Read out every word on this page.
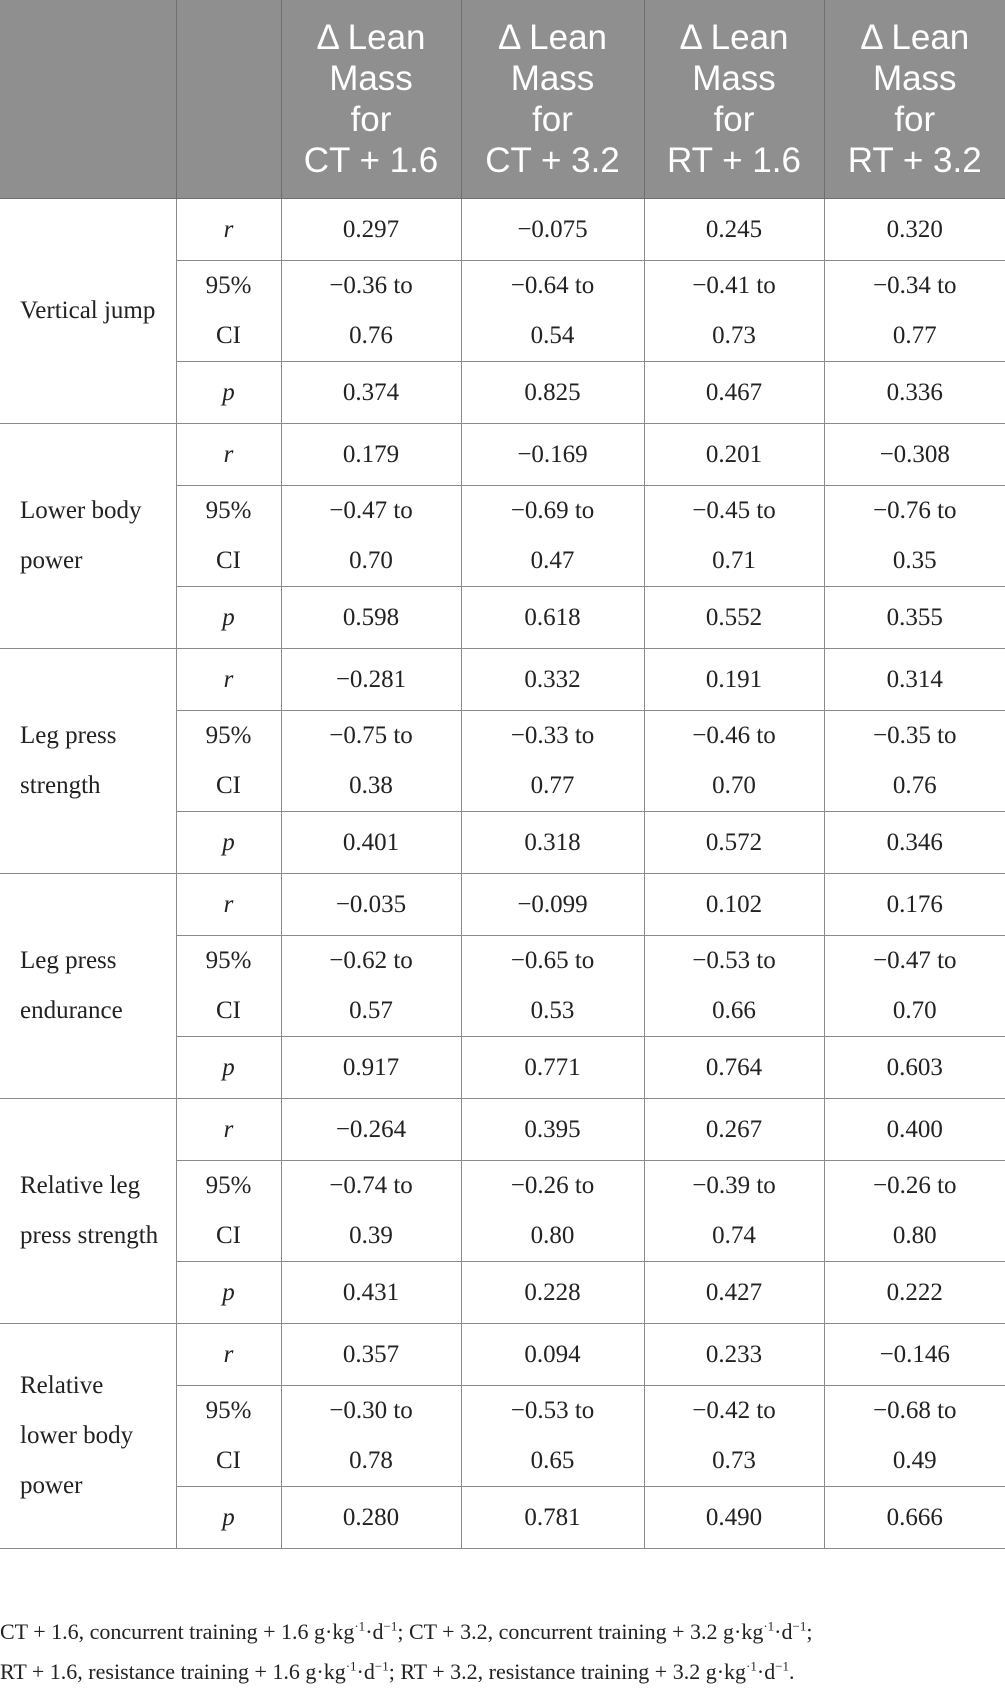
		Δ Lean
Mass
for
CT + 1.6	Δ Lean
Mass
for
CT + 3.2	Δ Lean
Mass
for
RT + 1.6	Δ Lean
Mass
for
RT + 3.2

Vertical jump	r	0.297	−0.075	0.245	0.320

	95%
CI	−0.36 to
0.76	−0.64 to
0.54	−0.41 to
0.73	−0.34 to
0.77

	p	0.374	0.825	0.467	0.336
Lower body power	r	0.179	−0.169	0.201	−0.308

	95%
CI	−0.47 to
0.70	−0.69 to
0.47	−0.45 to
0.71	−0.76 to
0.35

	p	0.598	0.618	0.552	0.355
Leg press strength	r	−0.281	0.332	0.191	0.314

	95%
CI	−0.75 to
0.38	−0.33 to
0.77	−0.46 to
0.70	−0.35 to
0.76

	p	0.401	0.318	0.572	0.346
Leg press endurance	r	−0.035	−0.099	0.102	0.176

	95%
CI	−0.62 to
0.57	−0.65 to
0.53	−0.53 to
0.66	−0.47 to
0.70

	p	0.917	0.771	0.764	0.603
Relative leg press strength	r	−0.264	0.395	0.267	0.400

	95%
CI	−0.74 to
0.39	−0.26 to
0.80	−0.39 to
0.74	−0.26 to
0.80

	p	0.431	0.228	0.427	0.222
Relative lower body power	r	0.357	0.094	0.233	−0.146

	95%
CI	−0.30 to
0.78	−0.53 to
0.65	−0.42 to
0.73	−0.68 to
0.49

	p	0.280	0.781	0.490	0.666

CT + 1.6, concurrent training + 1.6 $g\cdot kg^{\cdot 1}\cdot d^{-1}$; CT + 3.2, concurrent training + 3.2 $g\cdot kg^{\cdot 1}\cdot d^{-1}$;

RT + 1.6, resistance training + 1.6 $g\cdot kg^{\cdot 1}\cdot d^{-1}$; RT + 3.2, resistance training + 3.2 $g\cdot kg^{\cdot 1}\cdot d^{-1}$.
